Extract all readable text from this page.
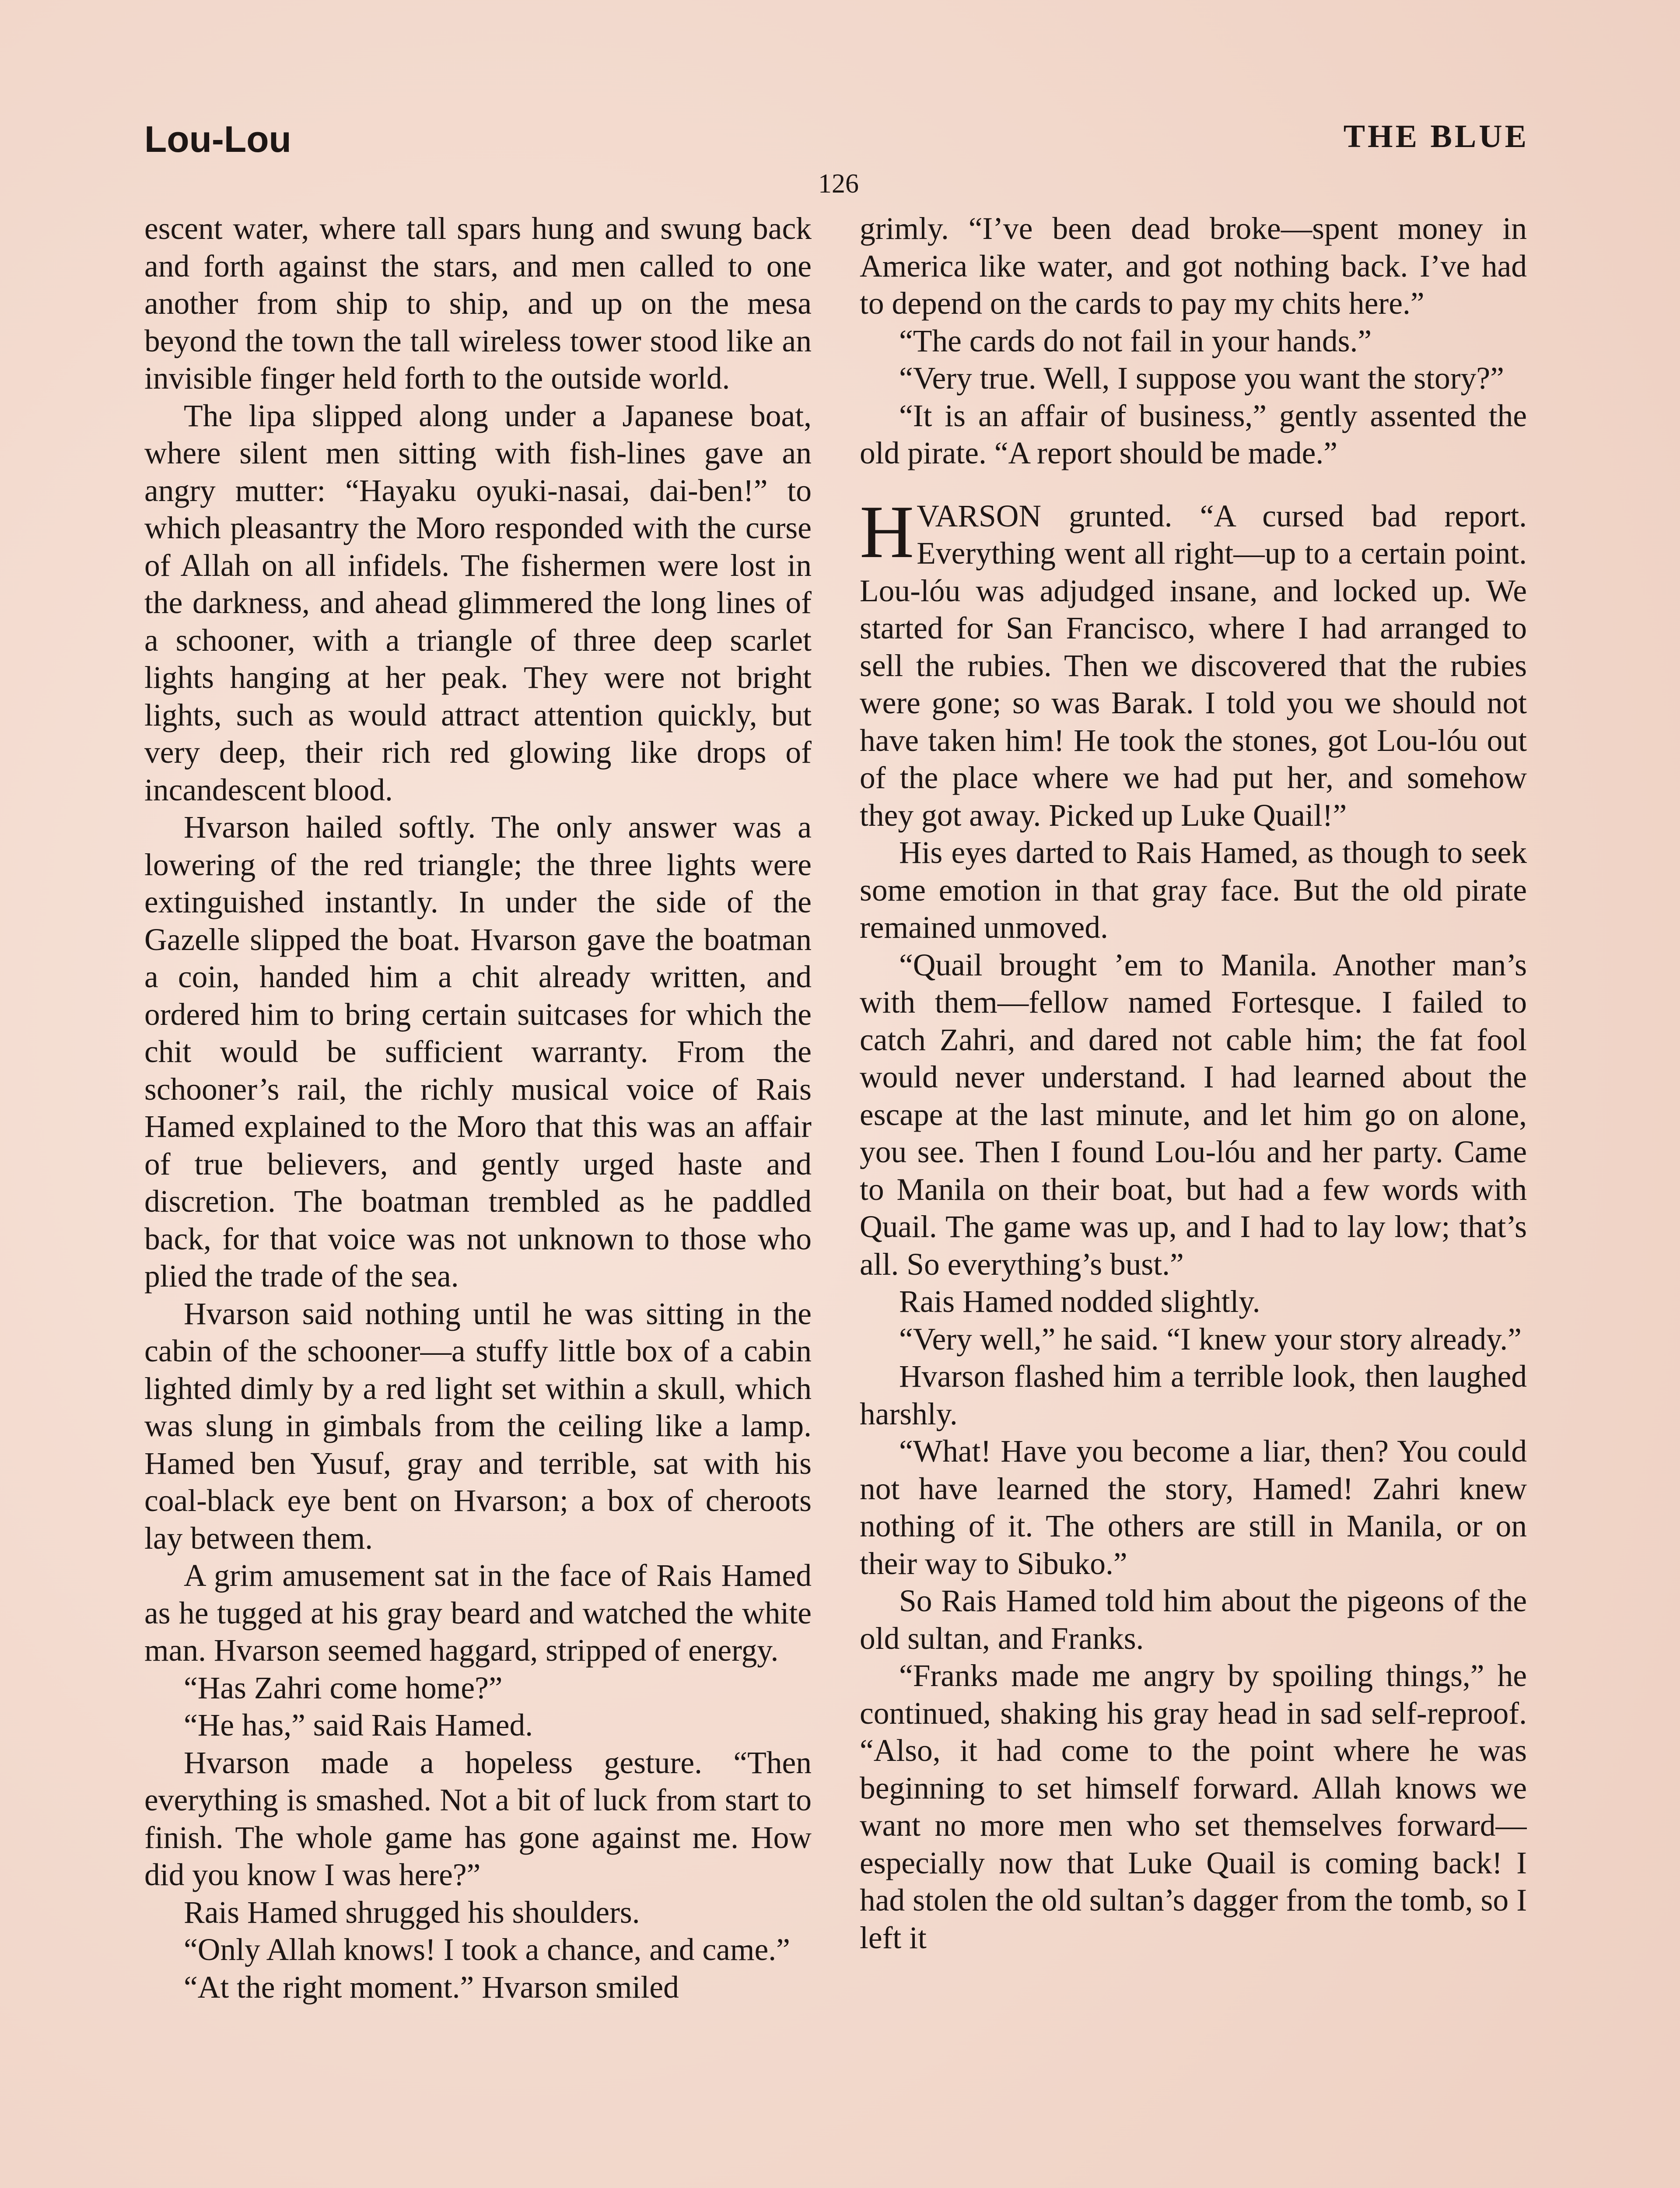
Lou-Lou	THE BLUE
126

escent water, where tall spars hung and swung back and forth against the stars, and men called to one another from ship to ship, and up on the mesa beyond the town the tall wireless tower stood like an invisible finger held forth to the outside world.

The lipa slipped along under a Japanese boat, where silent men sitting with fish-lines gave an angry mutter: “Hayaku oyuki-nasai, dai-ben!” to which pleasantry the Moro responded with the curse of Allah on all infidels. The fishermen were lost in the darkness, and ahead glimmered the long lines of a schooner, with a triangle of three deep scarlet lights hanging at her peak. They were not bright lights, such as would attract attention quickly, but very deep, their rich red glowing like drops of incandescent blood.

Hvarson hailed softly. The only answer was a lowering of the red triangle; the three lights were extinguished instantly. In under the side of the Gazelle slipped the boat. Hvarson gave the boatman a coin, handed him a chit already written, and ordered him to bring certain suitcases for which the chit would be sufficient warranty. From the schooner’s rail, the richly musical voice of Rais Hamed explained to the Moro that this was an affair of true believers, and gently urged haste and discretion. The boatman trembled as he paddled back, for that voice was not unknown to those who plied the trade of the sea.

Hvarson said nothing until he was sitting in the cabin of the schooner—a stuffy little box of a cabin lighted dimly by a red light set within a skull, which was slung in gimbals from the ceiling like a lamp. Hamed ben Yusuf, gray and terrible, sat with his coal-black eye bent on Hvarson; a box of cheroots lay between them.

A grim amusement sat in the face of Rais Hamed as he tugged at his gray beard and watched the white man. Hvarson seemed haggard, stripped of energy.

“Has Zahri come home?”

“He has,” said Rais Hamed.

Hvarson made a hopeless gesture. “Then everything is smashed. Not a bit of luck from start to finish. The whole game has gone against me. How did you know I was here?”

Rais Hamed shrugged his shoulders.

“Only Allah knows! I took a chance, and came.”

“At the right moment.” Hvarson smiled

grimly. “I’ve been dead broke—spent money in America like water, and got nothing back. I’ve had to depend on the cards to pay my chits here.”

“The cards do not fail in your hands.”

“Very true. Well, I suppose you want the story?”

“It is an affair of business,” gently assented the old pirate. “A report should be made.”

HVARSON grunted. “A cursed bad report. Everything went all right—up to a certain point. Lou-lóu was adjudged insane, and locked up. We started for San Francisco, where I had arranged to sell the rubies. Then we discovered that the rubies were gone; so was Barak. I told you we should not have taken him! He took the stones, got Lou-lóu out of the place where we had put her, and somehow they got away. Picked up Luke Quail!”

His eyes darted to Rais Hamed, as though to seek some emotion in that gray face. But the old pirate remained unmoved.

“Quail brought ’em to Manila. Another man’s with them—fellow named Fortesque. I failed to catch Zahri, and dared not cable him; the fat fool would never understand. I had learned about the escape at the last minute, and let him go on alone, you see. Then I found Lou-lóu and her party. Came to Manila on their boat, but had a few words with Quail. The game was up, and I had to lay low; that’s all. So everything’s bust.”

Rais Hamed nodded slightly.

“Very well,” he said. “I knew your story already.”

Hvarson flashed him a terrible look, then laughed harshly.

“What! Have you become a liar, then? You could not have learned the story, Hamed! Zahri knew nothing of it. The others are still in Manila, or on their way to Sibuko.”

So Rais Hamed told him about the pigeons of the old sultan, and Franks.

“Franks made me angry by spoiling things,” he continued, shaking his gray head in sad self-reproof. “Also, it had come to the point where he was beginning to set himself forward. Allah knows we want no more men who set themselves forward—especially now that Luke Quail is coming back! I had stolen the old sultan’s dagger from the tomb, so I left it
